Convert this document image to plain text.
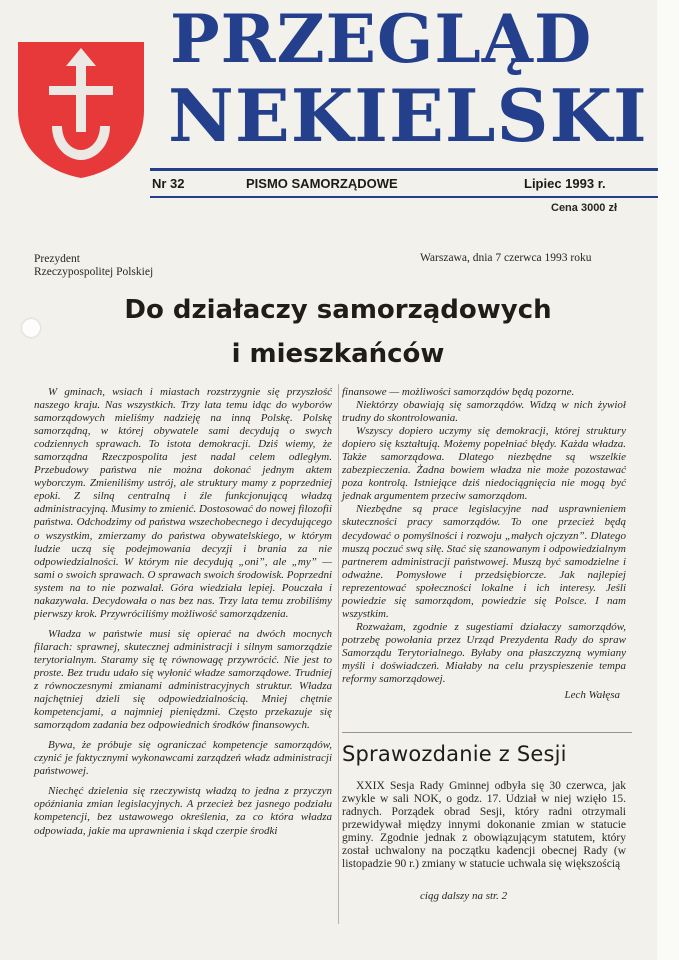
PRZEGLĄD
NEKIELSKI
Nr 32	PISMO SAMORZĄDOWE	Lipiec 1993 r.
Cena 3000 zł
Prezydent
Rzeczypospolitej Polskiej
Warszawa, dnia 7 czerwca 1993 roku
Do działaczy samorządowych
i mieszkańców

W gminach, wsiach i miastach rozstrzygnie się przyszłość naszego kraju. Nas wszystkich. Trzy lata temu idąc do wyborów samorządowych mieliśmy nadzieję na inną Polskę. Polskę samorządną, w której obywatele sami decydują o swych codziennych sprawach. To istota demokracji. Dziś wiemy, że samorządna Rzeczpospolita jest nadal celem odległym. Przebudowy państwa nie można dokonać jednym aktem wyborczym. Zmieniliśmy ustrój, ale struktury mamy z poprzedniej epoki. Z silną centralną i źle funkcjonującą władzą administracyjną. Musimy to zmienić. Dostosować do nowej filozofii państwa. Odchodzimy od państwa wszechobecnego i decydującego o wszystkim, zmierzamy do państwa obywatelskiego, w którym ludzie uczą się podejmowania decyzji i brania za nie odpowiedzialności. W którym nie decydują „oni”, ale „my” — sami o swoich sprawach. O sprawach swoich środowisk. Poprzedni system na to nie pozwalał. Góra wiedziała lepiej. Pouczała i nakazywała. Decydowała o nas bez nas. Trzy lata temu zrobiliśmy pierwszy krok. Przywróciliśmy możliwość samorządzenia.

Władza w państwie musi się opierać na dwóch mocnych filarach: sprawnej, skutecznej administracji i silnym samorządzie terytorialnym. Staramy się tę równowagę przywrócić. Nie jest to proste. Bez trudu udało się wyłonić władze samorządowe. Trudniej z równoczesnymi zmianami administracyjnych struktur. Władza najchętniej dzieli się odpowiedzialnością. Mniej chętnie kompetencjami, a najmniej pieniędzmi. Często przekazuje się samorządom zadania bez odpowiednich środków finansowych.

Bywa, że próbuje się ograniczać kompetencje samorządów, czynić je faktycznymi wykonawcami zarządzeń władz administracji państwowej.

Niechęć dzielenia się rzeczywistą władzą to jedna z przyczyn opóźniania zmian legislacyjnych. A przecież bez jasnego podziału kompetencji, bez ustawowego określenia, za co która władza odpowiada, jakie ma uprawnienia i skąd czerpie środki

finansowe — możliwości samorządów będą pozorne.

Niektórzy obawiają się samorządów. Widzą w nich żywioł trudny do skontrolowania.

Wszyscy dopiero uczymy się demokracji, której struktury dopiero się kształtują. Możemy popełniać błędy. Każda władza. Także samorządowa. Dlatego niezbędne są wszelkie zabezpieczenia. Żadna bowiem władza nie może pozostawać poza kontrolą. Istniejące dziś niedociągnięcia nie mogą być jednak argumentem przeciw samorządom.

Niezbędne są prace legislacyjne nad usprawnieniem skuteczności pracy samorządów. To one przecież będą decydować o pomyślności i rozwoju „małych ojczyzn”. Dlatego muszą poczuć swą siłę. Stać się szanowanym i odpowiedzialnym partnerem administracji państwowej. Muszą być samodzielne i odważne. Pomysłowe i przedsiębiorcze. Jak najlepiej reprezentować społeczności lokalne i ich interesy. Jeśli powiedzie się samorządom, powiedzie się Polsce. I nam wszystkim.

Rozważam, zgodnie z sugestiami działaczy samorządów, potrzebę powołania przez Urząd Prezydenta Rady do spraw Samorządu Terytorialnego. Byłaby ona płaszczyzną wymiany myśli i doświadczeń. Miałaby na celu przyspieszenie tempa reformy samorządowej.

Lech Wałęsa
Sprawozdanie z Sesji

XXIX Sesja Rady Gminnej odbyła się 30 czerwca, jak zwykle w sali NOK, o godz. 17. Udział w niej wzięło 15. radnych. Porządek obrad Sesji, który radni otrzymali przewidywał między innymi dokonanie zmian w statucie gminy. Zgodnie jednak z obowiązującym statutem, który został uchwalony na początku kadencji obecnej Rady (w listopadzie 90 r.) zmiany w statucie uchwala się większością

ciąg dalszy na str. 2
